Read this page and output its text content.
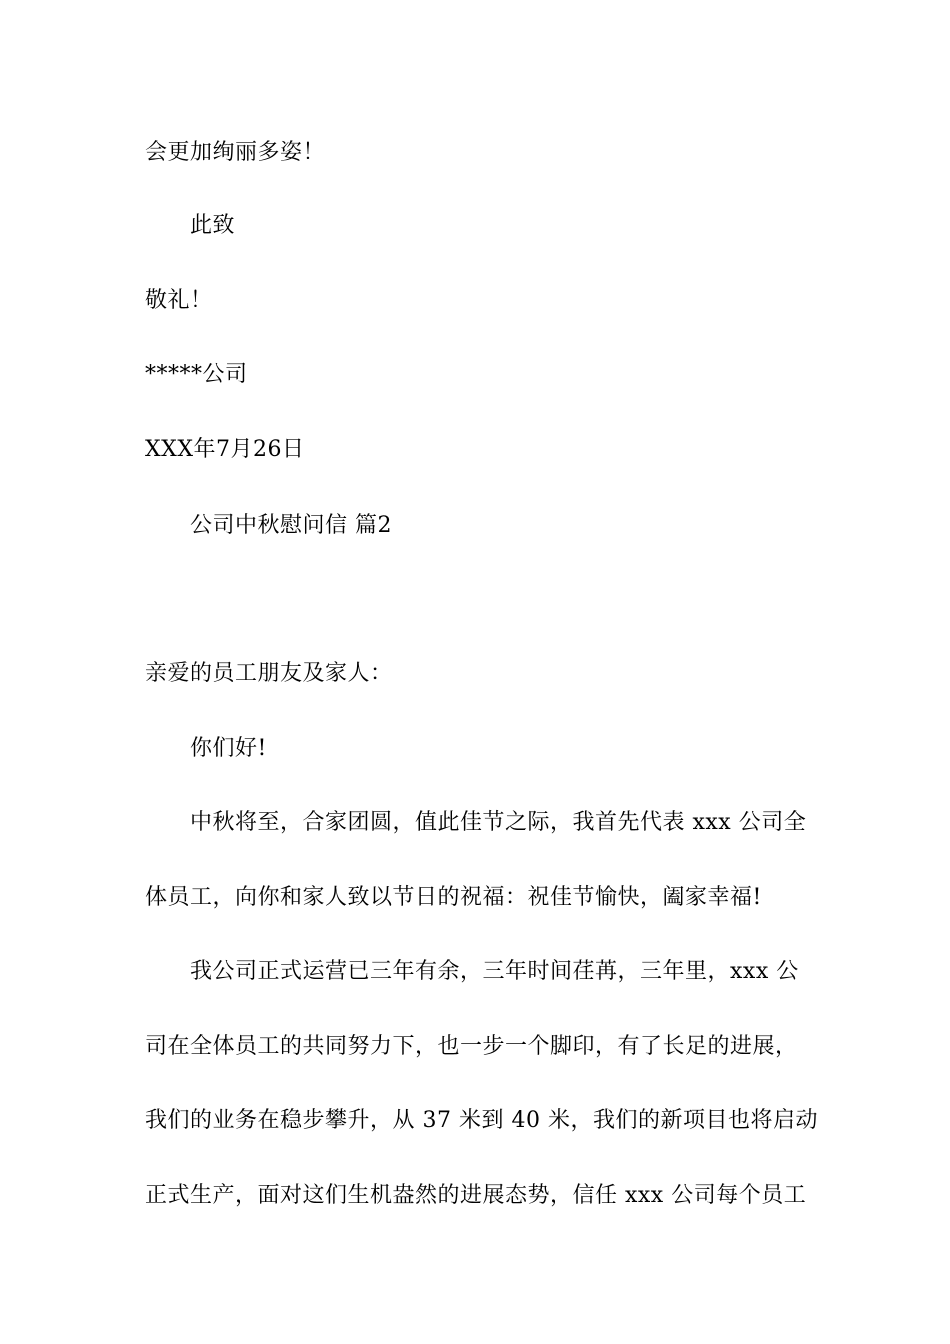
会更加绚丽多姿！
此致
敬礼！
*****公司
XXX年7月26日
公司中秋慰问信 篇2
亲爱的员工朋友及家人：
你们好!
中秋将至，合家团圆，值此佳节之际，我首先代表 xxx 公司全
体员工，向你和家人致以节日的祝福：祝佳节愉快，阖家幸福!
我公司正式运营已三年有余，三年时间荏苒，三年里，xxx 公
司在全体员工的共同努力下，也一步一个脚印，有了长足的进展，
我们的业务在稳步攀升，从 37 米到 40 米，我们的新项目也将启动
正式生产，面对这们生机盎然的进展态势，信任 xxx 公司每个员工
